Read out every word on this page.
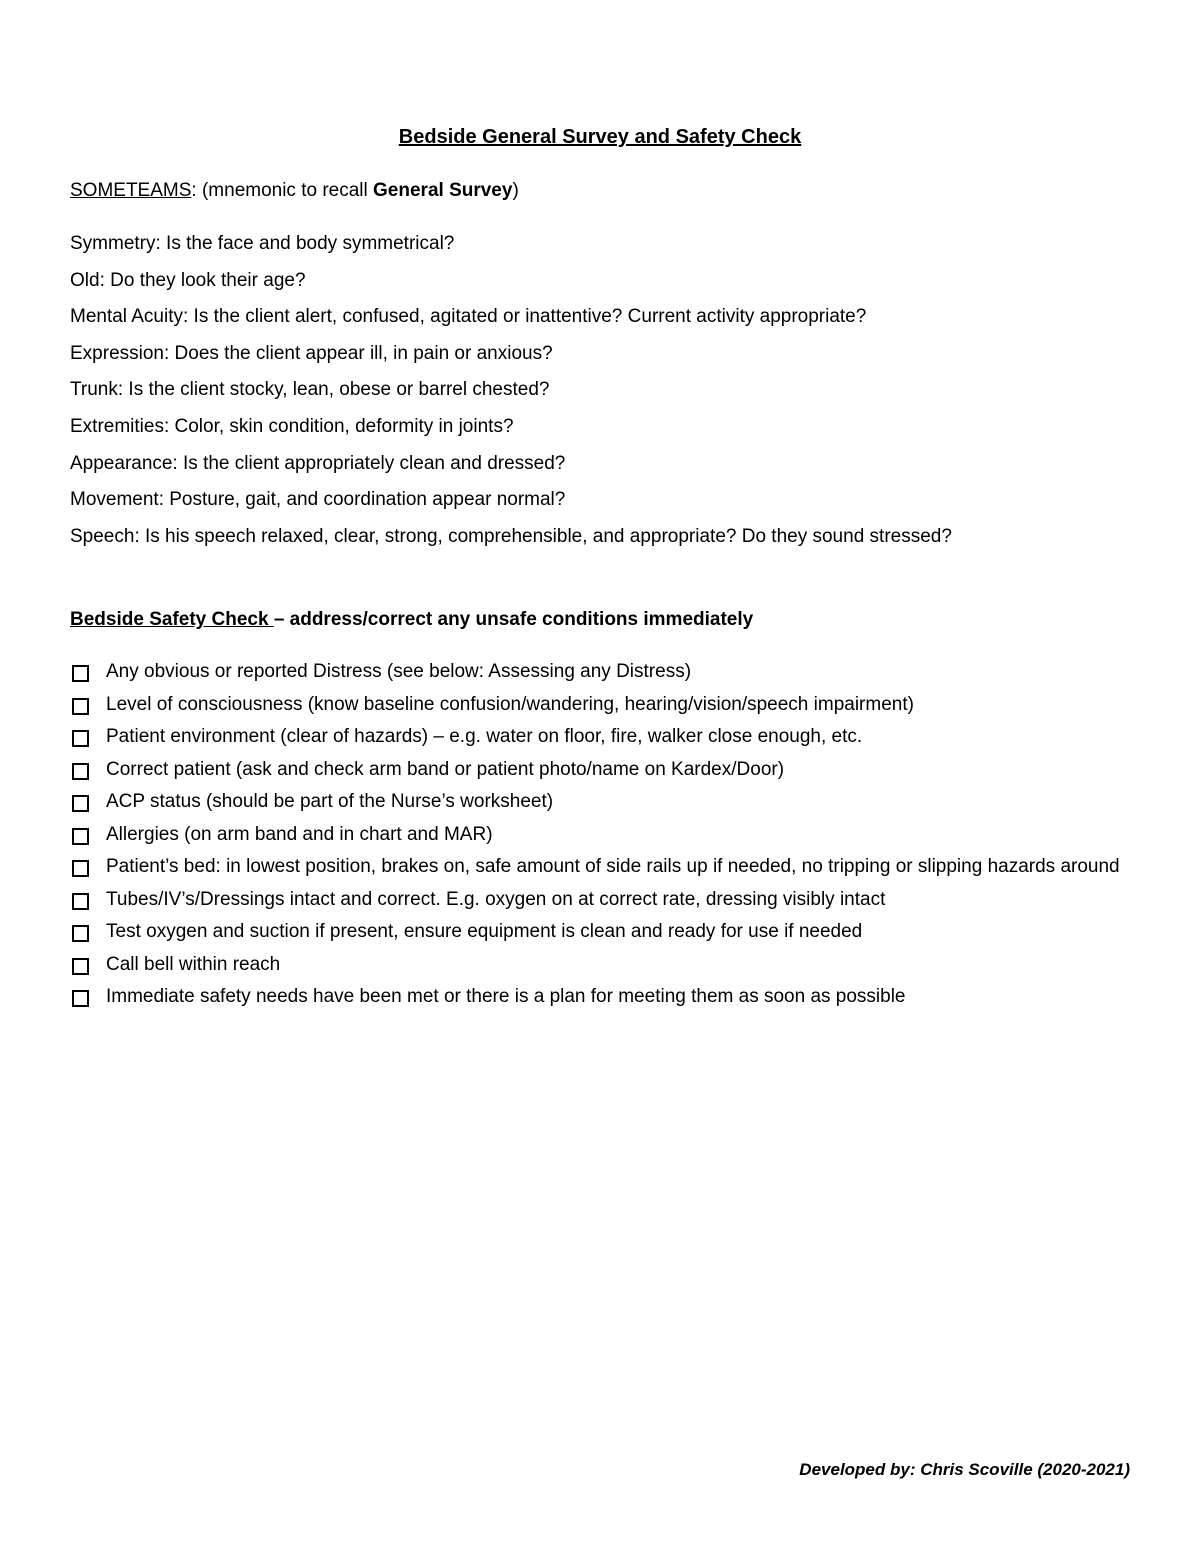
Bedside General Survey and Safety Check

SOMETEAMS: (mnemonic to recall General Survey)

Symmetry: Is the face and body symmetrical?
Old: Do they look their age?
Mental Acuity: Is the client alert, confused, agitated or inattentive? Current activity appropriate?
Expression: Does the client appear ill, in pain or anxious?
Trunk: Is the client stocky, lean, obese or barrel chested?
Extremities: Color, skin condition, deformity in joints?
Appearance: Is the client appropriately clean and dressed?
Movement: Posture, gait, and coordination appear normal?
Speech: Is his speech relaxed, clear, strong, comprehensible, and appropriate? Do they sound stressed?

Bedside Safety Check – address/correct any unsafe conditions immediately

Any obvious or reported Distress (see below: Assessing any Distress)
Level of consciousness (know baseline confusion/wandering, hearing/vision/speech impairment)
Patient environment (clear of hazards) – e.g. water on floor, fire, walker close enough, etc.
Correct patient (ask and check arm band or patient photo/name on Kardex/Door)
ACP status (should be part of the Nurse’s worksheet)
Allergies (on arm band and in chart and MAR)
Patient’s bed: in lowest position, brakes on, safe amount of side rails up if needed, no tripping or slipping hazards around
Tubes/IV’s/Dressings intact and correct. E.g. oxygen on at correct rate, dressing visibly intact
Test oxygen and suction if present, ensure equipment is clean and ready for use if needed
Call bell within reach
Immediate safety needs have been met or there is a plan for meeting them as soon as possible

Developed by: Chris Scoville (2020-2021)
